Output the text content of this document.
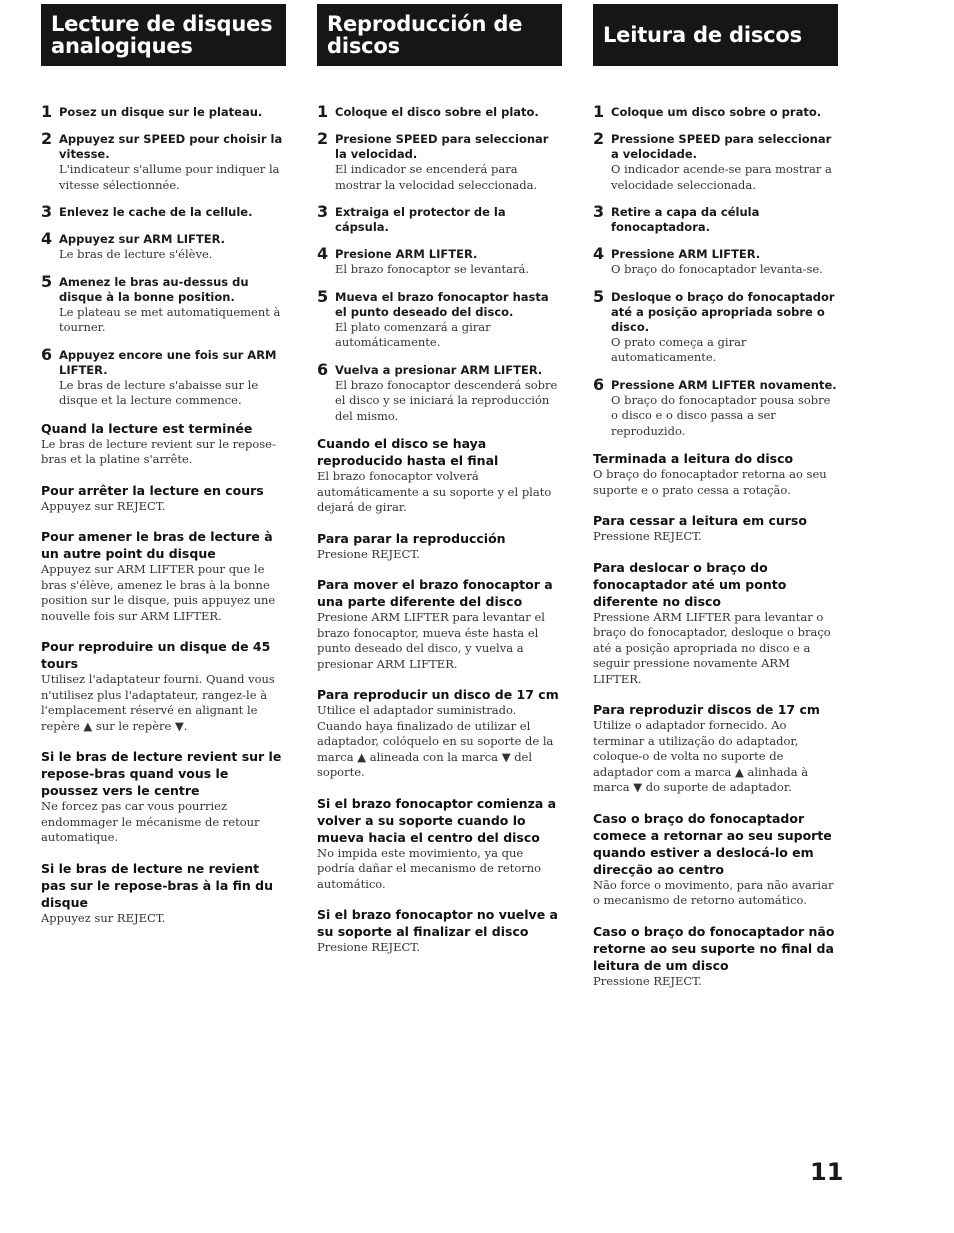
Lecture de disques
analogiques
1 Posez un disque sur le plateau.
2 Appuyez sur SPEED pour choisir la vitesse.
L'indicateur s'allume pour indiquer la vitesse sélectionnée.
3 Enlevez le cache de la cellule.
4 Appuyez sur ARM LIFTER.
Le bras de lecture s'élève.
5 Amenez le bras au-dessus du disque à la bonne position.
Le plateau se met automatiquement à tourner.
6 Appuyez encore une fois sur ARM LIFTER.
Le bras de lecture s'abaisse sur le disque et la lecture commence.
Quand la lecture est terminée
Le bras de lecture revient sur le repose-bras et la platine s'arrête.
Pour arrêter la lecture en cours
Appuyez sur REJECT.
Pour amener le bras de lecture à un autre point du disque
Appuyez sur ARM LIFTER pour que le bras s'élève, amenez le bras à la bonne position sur le disque, puis appuyez une nouvelle fois sur ARM LIFTER.
Pour reproduire un disque de 45 tours
Utilisez l'adaptateur fourni. Quand vous n'utilisez plus l'adaptateur, rangez-le à l'emplacement réservé en alignant le repère ▲ sur le repère ▼.
Si le bras de lecture revient sur le repose-bras quand vous le poussez vers le centre
Ne forcez pas car vous pourriez endommager le mécanisme de retour automatique.
Si le bras de lecture ne revient pas sur le repose-bras à la fin du disque
Appuyez sur REJECT.
Reproducción de
discos
1 Coloque el disco sobre el plato.
2 Presione SPEED para seleccionar la velocidad.
El indicador se encenderá para mostrar la velocidad seleccionada.
3 Extraiga el protector de la cápsula.
4 Presione ARM LIFTER.
El brazo fonocaptor se levantará.
5 Mueva el brazo fonocaptor hasta el punto deseado del disco.
El plato comenzará a girar automáticamente.
6 Vuelva a presionar ARM LIFTER.
El brazo fonocaptor descenderá sobre el disco y se iniciará la reproducción del mismo.
Cuando el disco se haya reproducido hasta el final
El brazo fonocaptor volverá automáticamente a su soporte y el plato dejará de girar.
Para parar la reproducción
Presione REJECT.
Para mover el brazo fonocaptor a una parte diferente del disco
Presione ARM LIFTER para levantar el brazo fonocaptor, mueva éste hasta el punto deseado del disco, y vuelva a presionar ARM LIFTER.
Para reproducir un disco de 17 cm
Utilice el adaptador suministrado. Cuando haya finalizado de utilizar el adaptador, colóquelo en su soporte de la marca ▲ alineada con la marca ▼ del soporte.
Si el brazo fonocaptor comienza a volver a su soporte cuando lo mueva hacia el centro del disco
No impida este movimiento, ya que podría dañar el mecanismo de retorno automático.
Si el brazo fonocaptor no vuelve a su soporte al finalizar el disco
Presione REJECT.
Leitura de discos
1 Coloque um disco sobre o prato.
2 Pressione SPEED para seleccionar a velocidade.
O indicador acende-se para mostrar a velocidade seleccionada.
3 Retire a capa da célula fonocaptadora.
4 Pressione ARM LIFTER.
O braço do fonocaptador levanta-se.
5 Desloque o braço do fonocaptador até a posição apropriada sobre o disco.
O prato começa a girar automaticamente.
6 Pressione ARM LIFTER novamente.
O braço do fonocaptador pousa sobre o disco e o disco passa a ser reproduzido.
Terminada a leitura do disco
O braço do fonocaptador retorna ao seu suporte e o prato cessa a rotação.
Para cessar a leitura em curso
Pressione REJECT.
Para deslocar o braço do fonocaptador até um ponto diferente no disco
Pressione ARM LIFTER para levantar o braço do fonocaptador, desloque o braço até a posição apropriada no disco e a seguir pressione novamente ARM LIFTER.
Para reproduzir discos de 17 cm
Utilize o adaptador fornecido. Ao terminar a utilização do adaptador, coloque-o de volta no suporte de adaptador com a marca ▲ alinhada à marca ▼ do suporte de adaptador.
Caso o braço do fonocaptador comece a retornar ao seu suporte quando estiver a deslocá-lo em direcção ao centro
Não force o movimento, para não avariar o mecanismo de retorno automático.
Caso o braço do fonocaptador não retorne ao seu suporte no final da leitura de um disco
Pressione REJECT.
11
